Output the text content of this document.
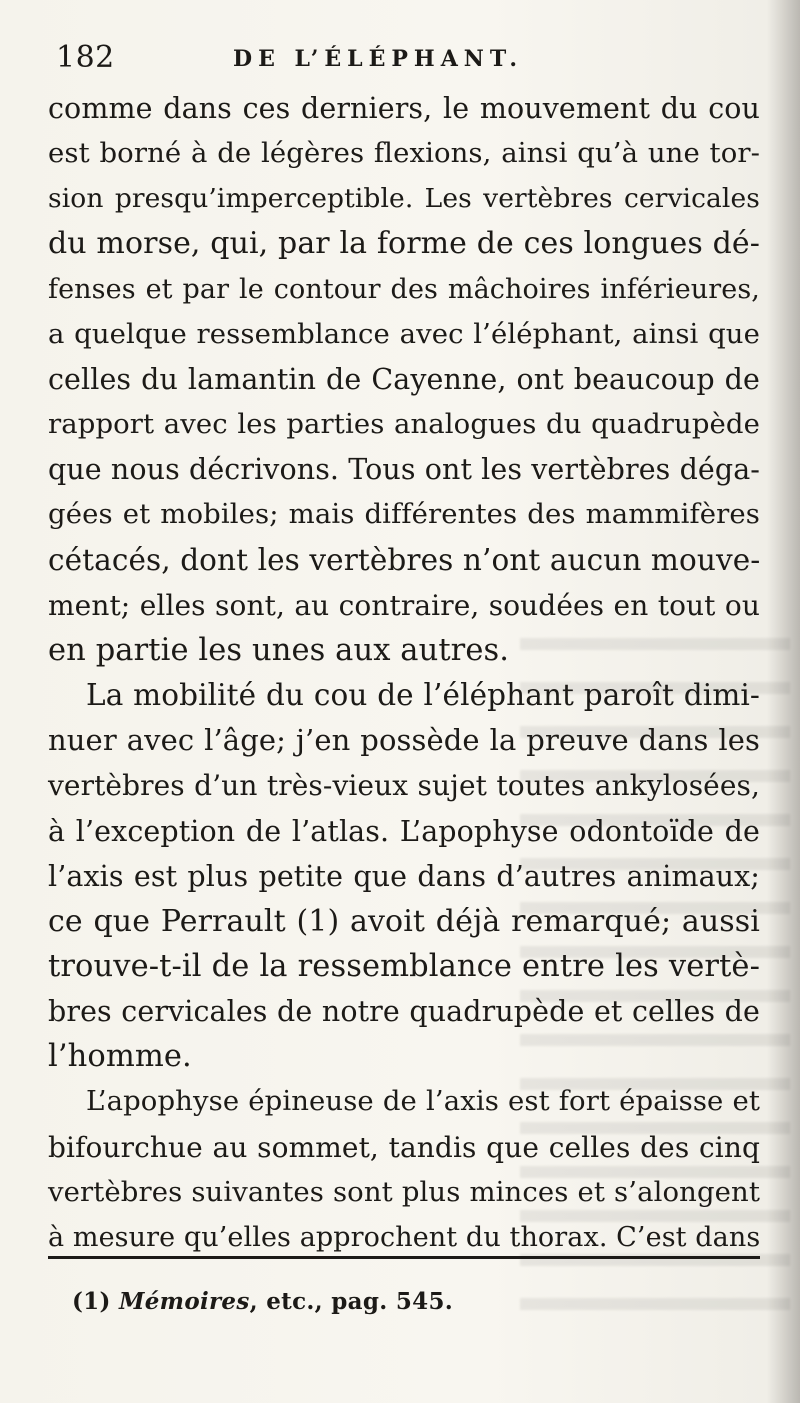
182	DE L’ÉLÉPHANT.
comme dans ces derniers, le mouvement du cou
est borné à de légères flexions, ainsi qu’à une tor-
sion presqu’imperceptible. Les vertèbres cervicales
du morse, qui, par la forme de ces longues dé-
fenses et par le contour des mâchoires inférieures,
a quelque ressemblance avec l’éléphant, ainsi que
celles du lamantin de Cayenne, ont beaucoup de
rapport avec les parties analogues du quadrupède
que nous décrivons. Tous ont les vertèbres déga-
gées et mobiles; mais différentes des mammifères
cétacés, dont les vertèbres n’ont aucun mouve-
ment; elles sont, au contraire, soudées en tout ou
en partie les unes aux autres.
La mobilité du cou de l’éléphant paroît dimi-
nuer avec l’âge; j’en possède la preuve dans les
vertèbres d’un très-vieux sujet toutes ankylosées,
à l’exception de l’atlas. L’apophyse odontoïde de
l’axis est plus petite que dans d’autres animaux;
ce que Perrault (1) avoit déjà remarqué; aussi
trouve-t-il de la ressemblance entre les vertè-
bres cervicales de notre quadrupède et celles de
l’homme.
L’apophyse épineuse de l’axis est fort épaisse et
bifourchue au sommet, tandis que celles des cinq
vertèbres suivantes sont plus minces et s’alongent
à mesure qu’elles approchent du thorax. C’est dans
(1) Mémoires, etc., pag. 545.
